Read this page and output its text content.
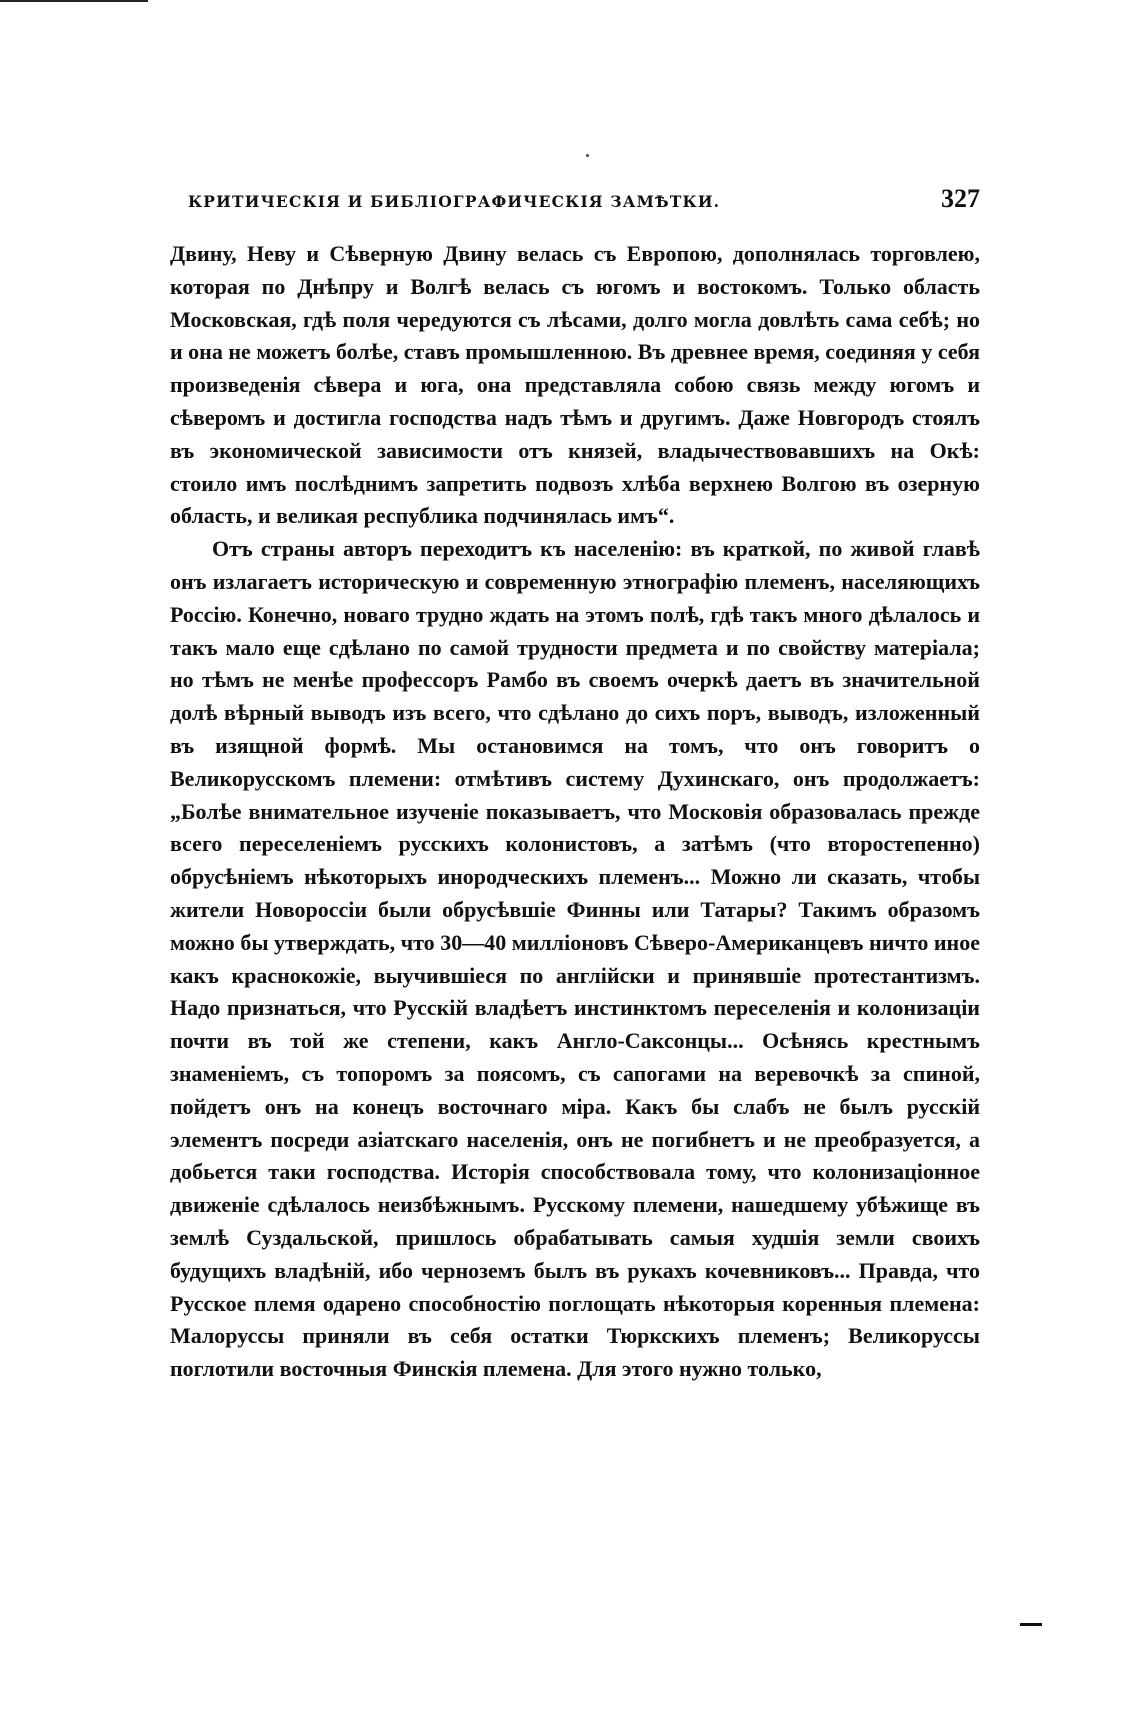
КРИТИЧЕСКІЯ И БИБЛІОГРАФИЧЕСКІЯ ЗАМѢТКИ.	327

Двину, Неву и Сѣверную Двину велась съ Европою, дополнялась торговлею, которая по Днѣпру и Волгѣ велась съ югомъ и востокомъ. Только область Московская, гдѣ поля чередуются съ лѣсами, долго могла довлѣть сама себѣ; но и она не можетъ болѣе, ставъ промышленною. Въ древнее время, соединяя у себя произведенія сѣвера и юга, она представляла собою связь между югомъ и сѣверомъ и достигла господства надъ тѣмъ и другимъ. Даже Новгородъ стоялъ въ экономической зависимости отъ князей, владычествовавшихъ на Окѣ: стоило имъ послѣднимъ запретить подвозъ хлѣба верхнею Волгою въ озерную область, и великая республика подчинялась имъ“.

Отъ страны авторъ переходитъ къ населенію: въ краткой, по живой главѣ онъ излагаетъ историческую и современную этнографію племенъ, населяющихъ Россію. Конечно, новаго трудно ждать на этомъ полѣ, гдѣ такъ много дѣлалось и такъ мало еще сдѣлано по самой трудности предмета и по свойству матеріала; но тѣмъ не менѣе профессоръ Рамбо въ своемъ очеркѣ даетъ въ значительной долѣ вѣрный выводъ изъ всего, что сдѣлано до сихъ поръ, выводъ, изложенный въ изящной формѣ. Мы остановимся на томъ, что онъ говоритъ о Великорусскомъ племени: отмѣтивъ систему Духинскаго, онъ продолжаетъ: „Болѣе внимательное изученіе показываетъ, что Московія образовалась прежде всего переселеніемъ русскихъ колонистовъ, а затѣмъ (что второстепенно) обрусѣніемъ нѣкоторыхъ инородческихъ племенъ... Можно ли сказать, чтобы жители Новороссіи были обрусѣвшіе Финны или Татары? Такимъ образомъ можно бы утверждать, что 30—40 милліоновъ Сѣверо-Американцевъ ничто иное какъ краснокожіе, выучившіеся по англійски и принявшіе протестантизмъ. Надо признаться, что Русскій владѣетъ инстинктомъ переселенія и колонизаціи почти въ той же степени, какъ Англо-Саксонцы... Осѣнясь крестнымъ знаменіемъ, съ топоромъ за поясомъ, съ сапогами на веревочкѣ за спиной, пойдетъ онъ на конецъ восточнаго міра. Какъ бы слабъ не былъ русскій элементъ посреди азіатскаго населенія, онъ не погибнетъ и не преобразуется, а добьется таки господства. Исторія способствовала тому, что колонизаціонное движеніе сдѣлалось неизбѣжнымъ. Русскому племени, нашедшему убѣжище въ землѣ Суздальской, пришлось обрабатывать самыя худшія земли своихъ будущихъ владѣній, ибо черноземъ былъ въ рукахъ кочевниковъ... Правда, что Русское племя одарено способностію поглощать нѣкоторыя коренныя племена: Малоруссы приняли въ себя остатки Тюркскихъ племенъ; Великоруссы поглотили восточныя Финскія племена. Для этого нужно только,
